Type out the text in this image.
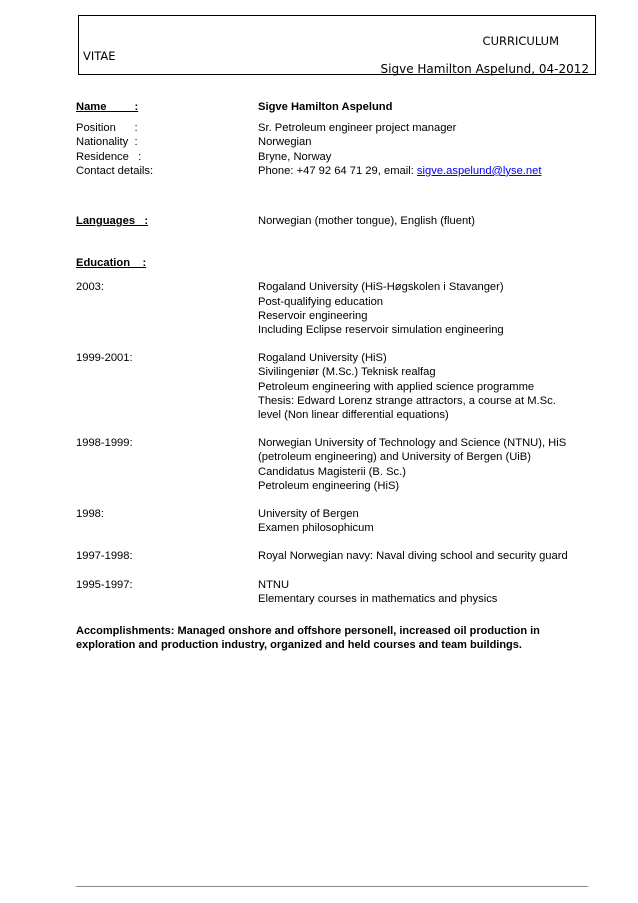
CURRICULUM
VITAE
Sigve Hamilton Aspelund, 04-2012
Name         :	Sigve Hamilton Aspelund
Position      :	Sr. Petroleum engineer project manager
Nationality  :	Norwegian
Residence   :	Bryne, Norway
Contact details:	Phone: +47 92 64 71 29, email: sigve.aspelund@lyse.net
Languages   :	Norwegian (mother tongue), English (fluent)
Education    :
2003:	Rogaland University (HiS-Høgskolen i Stavanger)
Post-qualifying education
Reservoir engineering
Including Eclipse reservoir simulation engineering
1999-2001:	Rogaland University (HiS)
Sivilingeniør (M.Sc.) Teknisk realfag
Petroleum engineering with applied science programme
Thesis: Edward Lorenz strange attractors, a course at M.Sc.
level (Non linear differential equations)
1998-1999:	Norwegian University of Technology and Science (NTNU), HiS
(petroleum engineering) and University of Bergen (UiB)
Candidatus Magisterii (B. Sc.)
Petroleum engineering (HiS)
1998:	University of Bergen
Examen philosophicum
1997-1998:	Royal Norwegian navy: Naval diving school and security guard
1995-1997:	NTNU
Elementary courses in mathematics and physics
Accomplishments: Managed onshore and offshore personell, increased oil production in exploration and production industry, organized and held courses and team buildings.
